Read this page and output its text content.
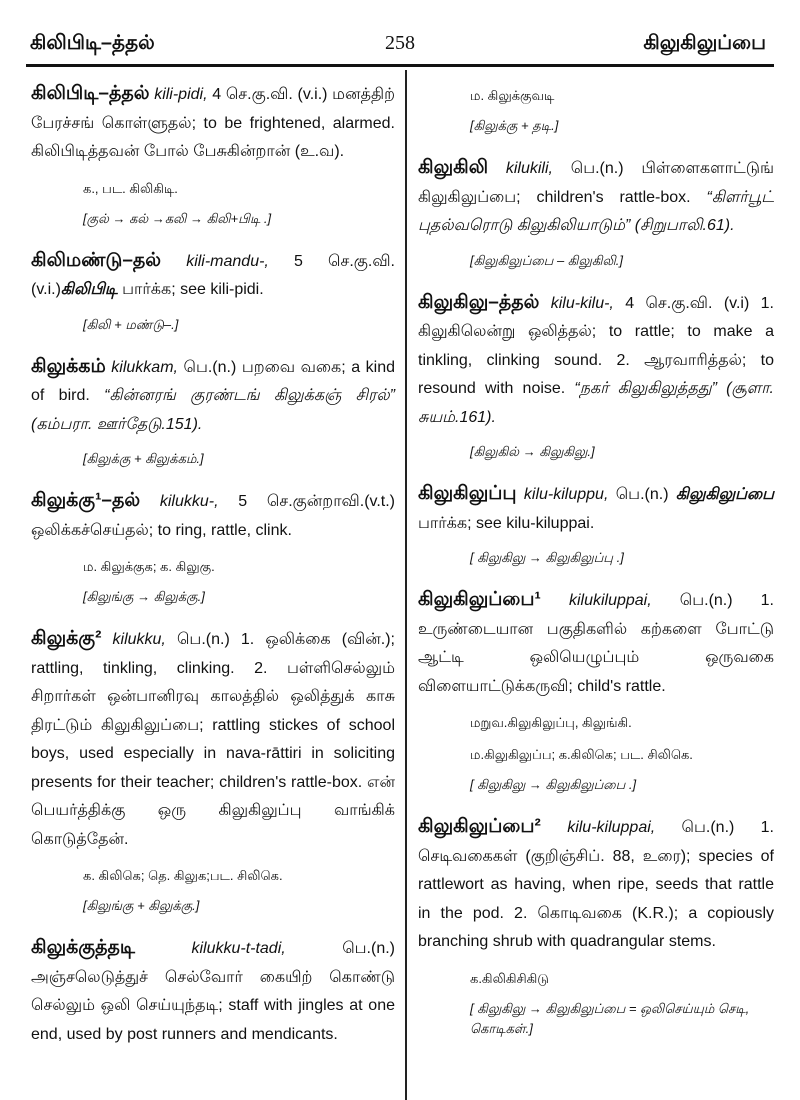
கிலிபிடி–த்தல்	258	கிலுகிலுப்பை

கிலிபிடி–த்தல் kili-pidi, 4 செ.கு.வி. (v.i.) மனத்திற் பேரச்சங் கொள்ளுதல்; to be frightened, alarmed. கிலிபிடித்தவன் போல் பேசுகின்றான் (உ.வ).

க., பட. கிலிகிடி.
[குல் → கல் →கலி → கிலி+பிடி .]

கிலிமண்டு–தல் kili-mandu-, 5 செ.கு.வி.(v.i.)கிலிபிடி பார்க்க; see kili-pidi.

[கிலி + மண்டு–.]

கிலுக்கம் kilukkam, பெ.(n.) பறவை வகை; a kind of bird. “கின்னரங் குரண்டங் கிலுக்கஞ் சிரல்” (கம்பரா. ஊர்தேடு.151).

[கிலுக்கு + கிலுக்கம்.]

கிலுக்கு¹–தல் kilukku-, 5 செ.குன்றாவி.(v.t.) ஒலிக்கச்செய்தல்; to ring, rattle, clink.

ம. கிலுக்குக; க. கிலுகு.
[கிலுங்கு → கிலுக்கு.]

கிலுக்கு² kilukku, பெ.(n.) 1. ஒலிக்கை (வின்.); rattling, tinkling, clinking. 2. பள்ளிசெல்லும் சிறார்கள் ஒன்பானிரவு காலத்தில் ஒலித்துக் காசு திரட்டும் கிலுகிலுப்பை; rattling stickes of school boys, used especially in nava-rāttiri in soliciting presents for their teacher; children's rattle-box. என் பெயர்த்திக்கு ஒரு கிலுகிலுப்பு வாங்கிக் கொடுத்தேன்.

க. கிலிகெ; தெ. கிலுக;பட. சிலிகெ.
[கிலுங்கு + கிலுக்கு.]

கிலுக்குத்தடி	kilukku-t-tadi, பெ.(n.) அஞ்சலெடுத்துச் செல்வோர் கையிற் கொண்டு செல்லும் ஒலி செய்யுந்தடி; staff with jingles at one end, used by post runners and mendicants.

ம. கிலுக்குவடி
[கிலுக்கு + தடி.]

கிலுகிலி kilukili, பெ.(n.) பிள்ளைகளாட்டுங் கிலுகிலுப்பை; children's rattle-box. “கிளர்பூட் புதல்வரொடு கிலுகிலியாடும்” (சிறுபாலி.61).

[கிலுகிலுப்பை – கிலுகிலி.]

கிலுகிலு–த்தல் kilu-kilu-, 4 செ.கு.வி. (v.i) 1. கிலுகிலென்று ஒலித்தல்; to rattle; to make a tinkling, clinking sound. 2. ஆரவாரித்தல்; to resound with noise. “நகர் கிலுகிலுத்தது” (சூளா. சுயம்.161).

[கிலுகில் → கிலுகிலு.]

கிலுகிலுப்பு kilu-kiluppu, பெ.(n.) கிலுகிலுப்பை பார்க்க; see kilu-kiluppai.

[ கிலுகிலு → கிலுகிலுப்பு .]

கிலுகிலுப்பை¹ kilukiluppai, பெ.(n.) 1. உருண்டையான பகுதிகளில் கற்களை போட்டு ஆட்டி ஒலியெழுப்பும் ஒருவகை விளையாட்டுக்கருவி; child's rattle.

மறுவ.கிலுகிலுப்பு, கிலுங்கி.
ம.கிலுகிலுப்ப; க.கிலிகெ; பட. சிலிகெ.
[ கிலுகிலு → கிலுகிலுப்பை .]

கிலுகிலுப்பை² kilu-kiluppai, பெ.(n.) 1. செடிவகைகள் (குறிஞ்சிப். 88, உரை); species of rattlewort as having, when ripe, seeds that rattle in the pod. 2. கொடிவகை (K.R.); a copiously branching shrub with quadrangular stems.

க.கிலிகிசிகிடு
[ கிலுகிலு → கிலுகிலுப்பை = ஒலிசெய்யும் செடி, கொடிகள்.]
